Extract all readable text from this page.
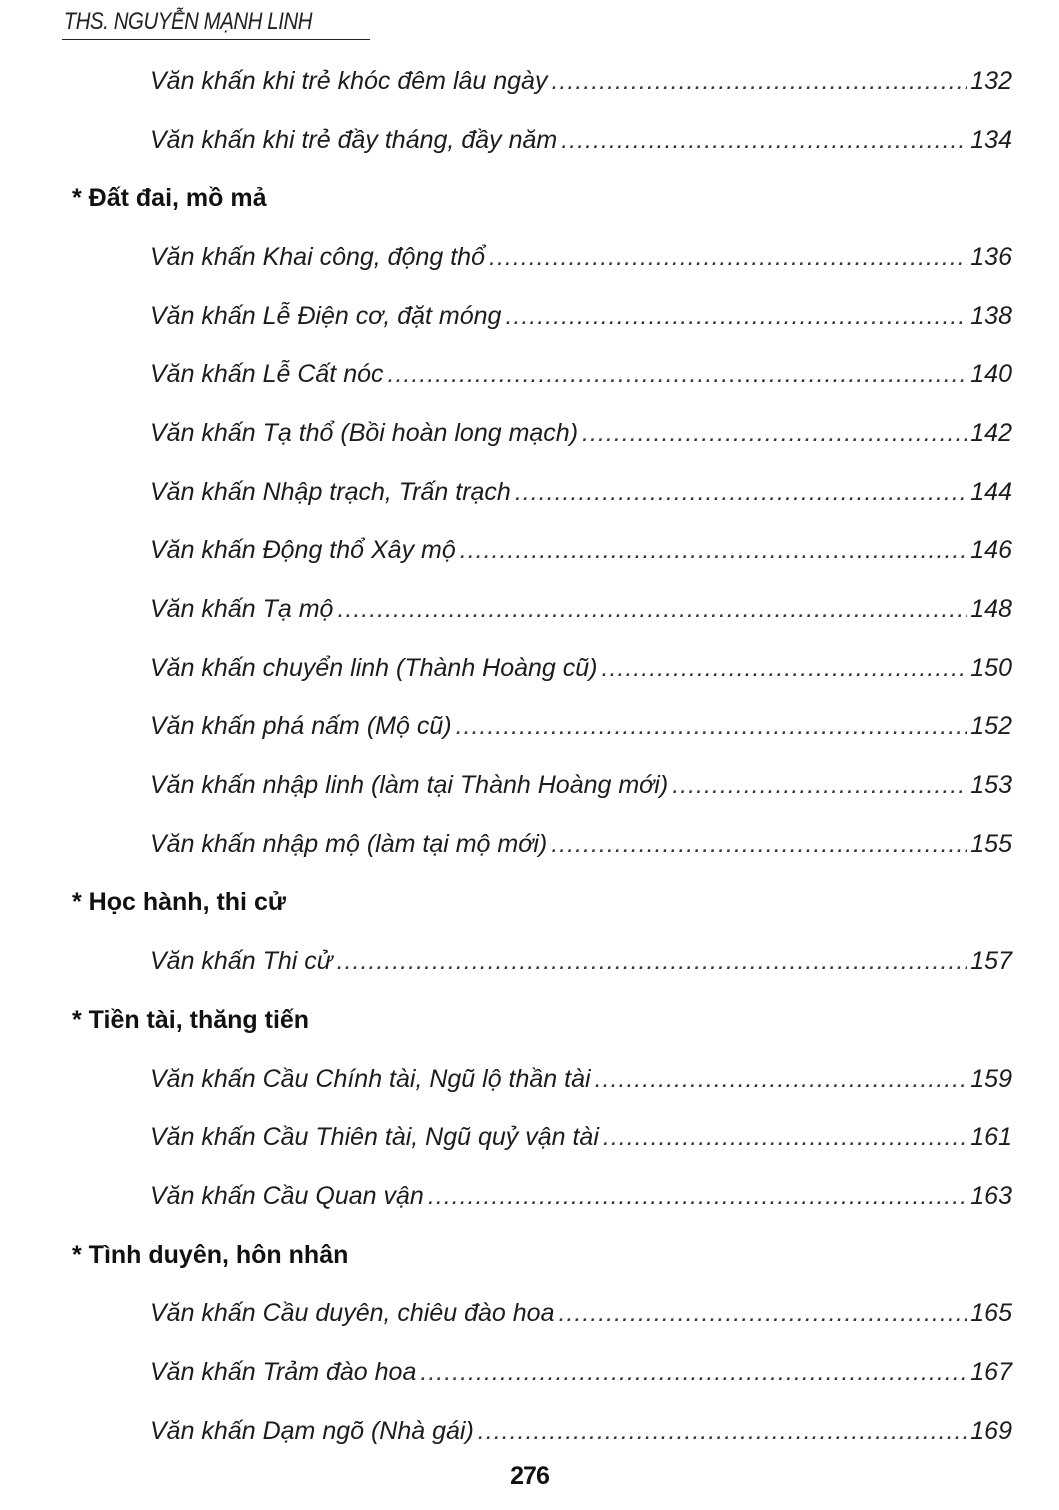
THS. NGUYỄN MẠNH LINH
Văn khấn khi trẻ khóc đêm lâu ngày .....	132
Văn khấn khi trẻ đầy tháng, đầy năm .....	134
* Đất đai, mồ mả
Văn khấn Khai công, động thổ .....	136
Văn khấn Lễ Điện cơ, đặt móng .....	138
Văn khấn Lễ Cất nóc .....	140
Văn khấn Tạ thổ (Bồi hoàn long mạch) .....	142
Văn khấn Nhập trạch, Trấn trạch .....	144
Văn khấn Động thổ Xây mộ .....	146
Văn khấn Tạ mộ .....	148
Văn khấn chuyển linh (Thành Hoàng cũ) .....	150
Văn khấn phá nấm (Mộ cũ) .....	152
Văn khấn nhập linh (làm tại Thành Hoàng mới) .....	153
Văn khấn nhập mộ (làm tại mộ mới) .....	155
* Học hành, thi cử
Văn khấn Thi cử .....	157
* Tiền tài, thăng tiến
Văn khấn Cầu Chính tài, Ngũ lộ thần tài .....	159
Văn khấn Cầu Thiên tài, Ngũ quỷ vận tài .....	161
Văn khấn Cầu Quan vận .....	163
* Tình duyên, hôn nhân
Văn khấn Cầu duyên, chiêu đào hoa .....	165
Văn khấn Trảm đào hoa .....	167
Văn khấn Dạm ngõ (Nhà gái) .....	169
276
